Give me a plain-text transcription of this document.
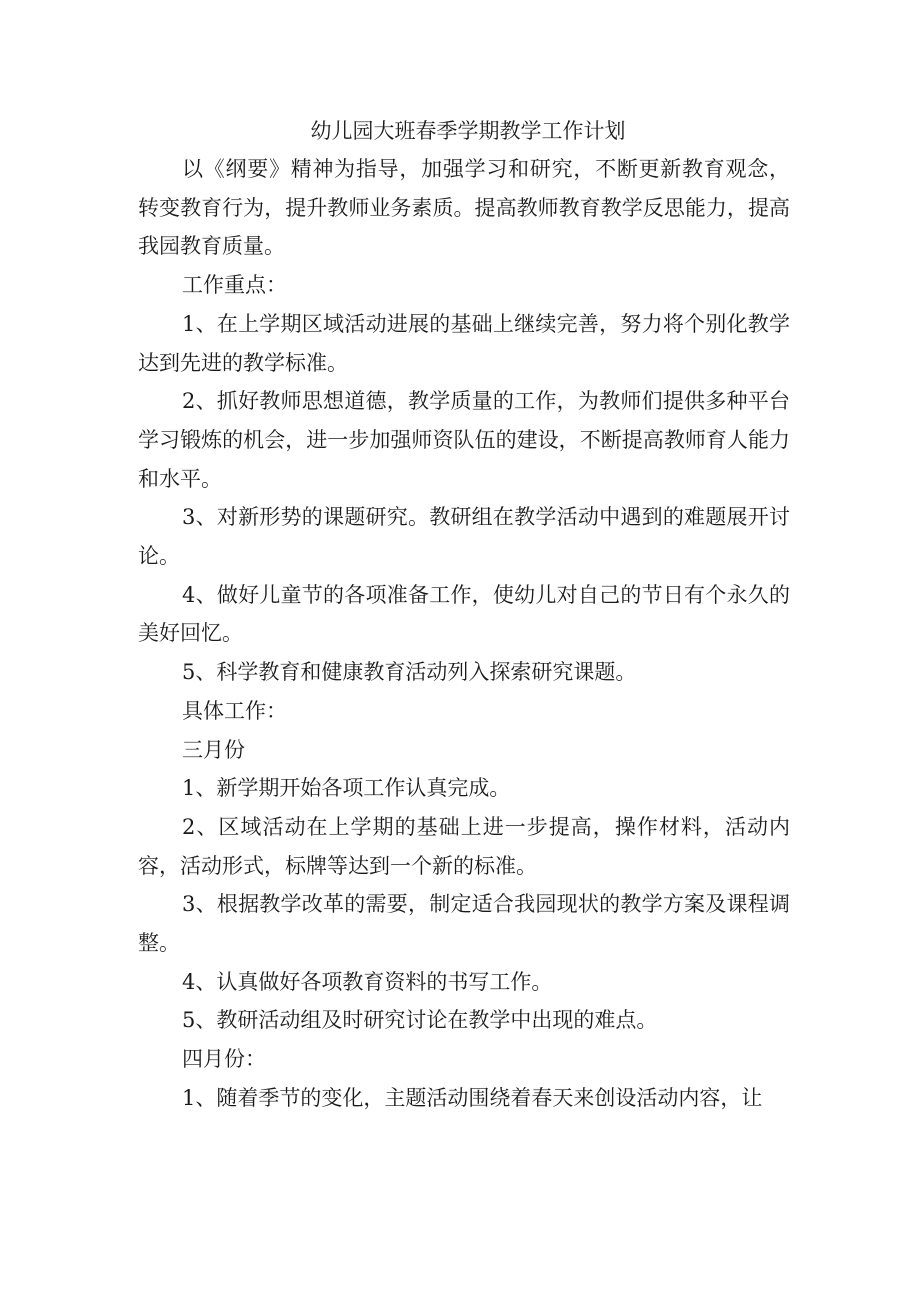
幼儿园大班春季学期教学工作计划

以《纲要》精神为指导，加强学习和研究，不断更新教育观念，转变教育行为，提升教师业务素质。提高教师教育教学反思能力，提高我园教育质量。

工作重点：

1、在上学期区域活动进展的基础上继续完善，努力将个别化教学达到先进的教学标准。

2、抓好教师思想道德，教学质量的工作，为教师们提供多种平台学习锻炼的机会，进一步加强师资队伍的建设，不断提高教师育人能力和水平。

3、对新形势的课题研究。教研组在教学活动中遇到的难题展开讨论。

4、做好儿童节的各项准备工作，使幼儿对自己的节日有个永久的美好回忆。

5、科学教育和健康教育活动列入探索研究课题。

具体工作：

三月份

1、新学期开始各项工作认真完成。

2、区域活动在上学期的基础上进一步提高，操作材料，活动内容，活动形式，标牌等达到一个新的标准。

3、根据教学改革的需要，制定适合我园现状的教学方案及课程调整。

4、认真做好各项教育资料的书写工作。

5、教研活动组及时研究讨论在教学中出现的难点。

四月份：

1、随着季节的变化，主题活动围绕着春天来创设活动内容，让
